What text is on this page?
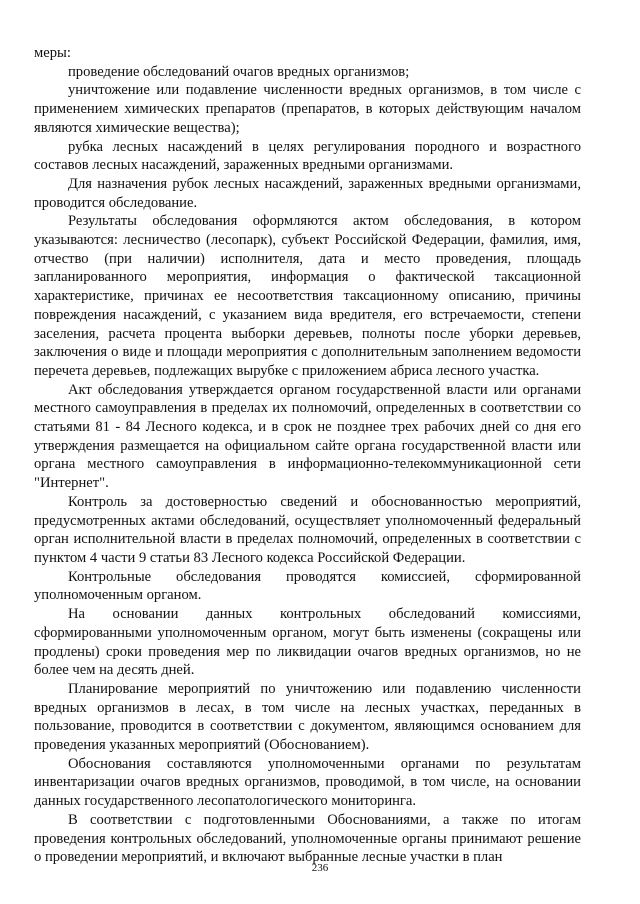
меры:

проведение обследований очагов вредных организмов;

уничтожение или подавление численности вредных организмов, в том числе с применением химических препаратов (препаратов, в которых действующим началом являются химические вещества);

рубка лесных насаждений в целях регулирования породного и возрастного составов лесных насаждений, зараженных вредными организмами.

Для назначения рубок лесных насаждений, зараженных вредными организмами, проводится обследование.

Результаты обследования оформляются актом обследования, в котором указываются: лесничество (лесопарк), субъект Российской Федерации, фамилия, имя, отчество (при наличии) исполнителя, дата и место проведения, площадь запланированного мероприятия, информация о фактической таксационной характеристике, причинах ее несоответствия таксационному описанию, причины повреждения насаждений, с указанием вида вредителя, его встречаемости, степени заселения, расчета процента выборки деревьев, полноты после уборки деревьев, заключения о виде и площади мероприятия с дополнительным заполнением ведомости перечета деревьев, подлежащих вырубке с приложением абриса лесного участка.

Акт обследования утверждается органом государственной власти или органами местного самоуправления в пределах их полномочий, определенных в соответствии со статьями 81 - 84 Лесного кодекса, и в срок не позднее трех рабочих дней со дня его утверждения размещается на официальном сайте органа государственной власти или органа местного самоуправления в информационно-телекоммуникационной сети "Интернет".

Контроль за достоверностью сведений и обоснованностью мероприятий, предусмотренных актами обследований, осуществляет уполномоченный федеральный орган исполнительной власти в пределах полномочий, определенных в соответствии с пунктом 4 части 9 статьи 83 Лесного кодекса Российской Федерации.

Контрольные обследования проводятся комиссией, сформированной уполномоченным органом.

На основании данных контрольных обследований комиссиями, сформированными уполномоченным органом, могут быть изменены (сокращены или продлены) сроки проведения мер по ликвидации очагов вредных организмов, но не более чем на десять дней.

Планирование мероприятий по уничтожению или подавлению численности вредных организмов в лесах, в том числе на лесных участках, переданных в пользование, проводится в соответствии с документом, являющимся основанием для проведения указанных мероприятий (Обоснованием).

Обоснования составляются уполномоченными органами по результатам инвентаризации очагов вредных организмов, проводимой, в том числе, на основании данных государственного лесопатологического мониторинга.

В соответствии с подготовленными Обоснованиями, а также по итогам проведения контрольных обследований, уполномоченные органы принимают решение о проведении мероприятий, и включают выбранные лесные участки в план

236
